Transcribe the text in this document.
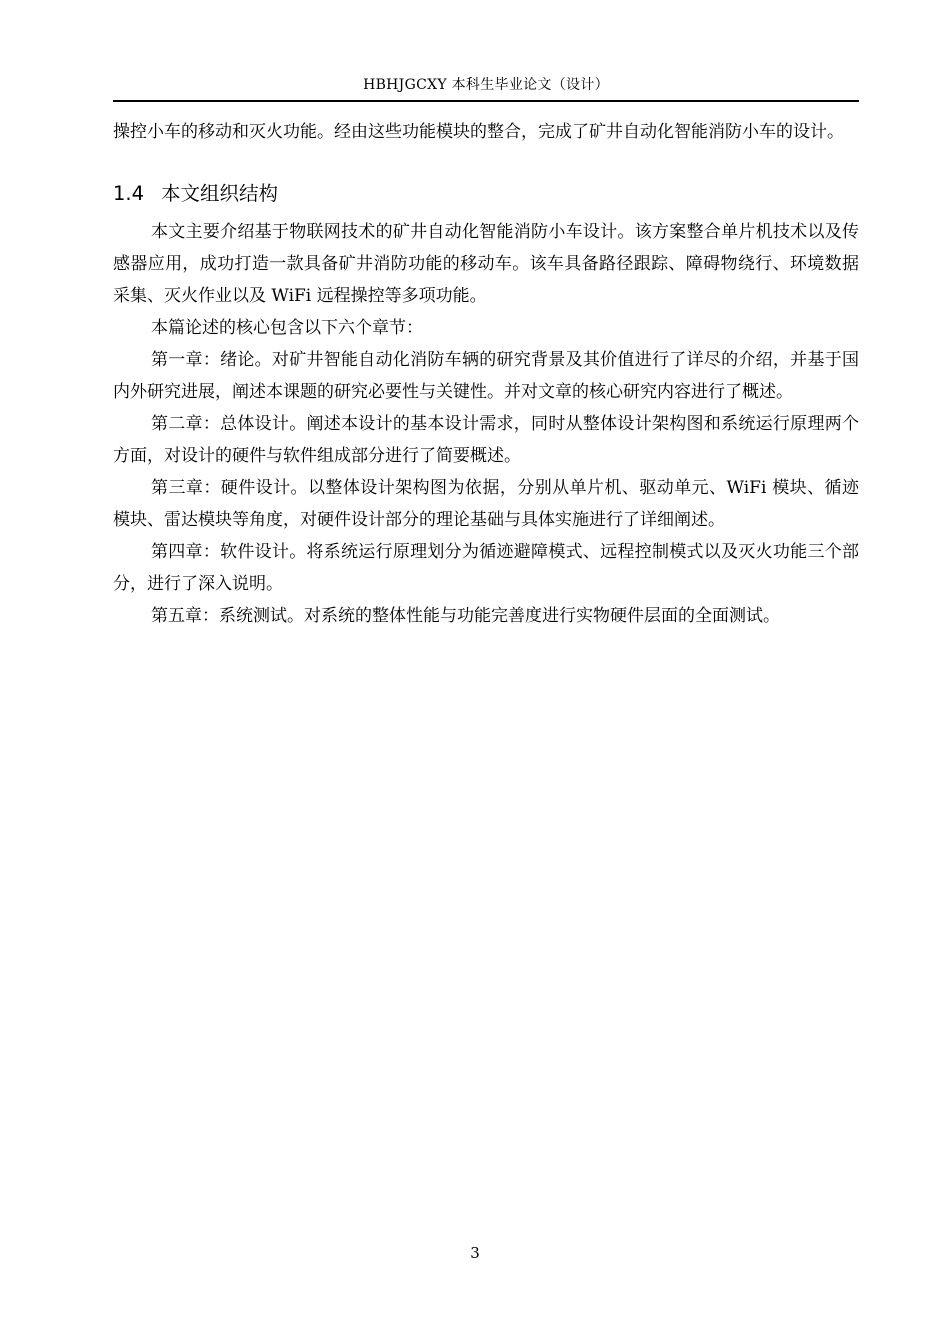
HBHJGCXY 本科生毕业论文（设计）

操控小车的移动和灭火功能。经由这些功能模块的整合，完成了矿井自动化智能消防小车的设计。

1.4 本文组织结构

本文主要介绍基于物联网技术的矿井自动化智能消防小车设计。该方案整合单片机技术以及传感器应用，成功打造一款具备矿井消防功能的移动车。该车具备路径跟踪、障碍物绕行、环境数据采集、灭火作业以及 WiFi 远程操控等多项功能。

本篇论述的核心包含以下六个章节：

第一章：绪论。对矿井智能自动化消防车辆的研究背景及其价值进行了详尽的介绍，并基于国内外研究进展，阐述本课题的研究必要性与关键性。并对文章的核心研究内容进行了概述。

第二章：总体设计。阐述本设计的基本设计需求，同时从整体设计架构图和系统运行原理两个方面，对设计的硬件与软件组成部分进行了简要概述。

第三章：硬件设计。以整体设计架构图为依据，分别从单片机、驱动单元、WiFi 模块、循迹模块、雷达模块等角度，对硬件设计部分的理论基础与具体实施进行了详细阐述。

第四章：软件设计。将系统运行原理划分为循迹避障模式、远程控制模式以及灭火功能三个部分，进行了深入说明。

第五章：系统测试。对系统的整体性能与功能完善度进行实物硬件层面的全面测试。

3
